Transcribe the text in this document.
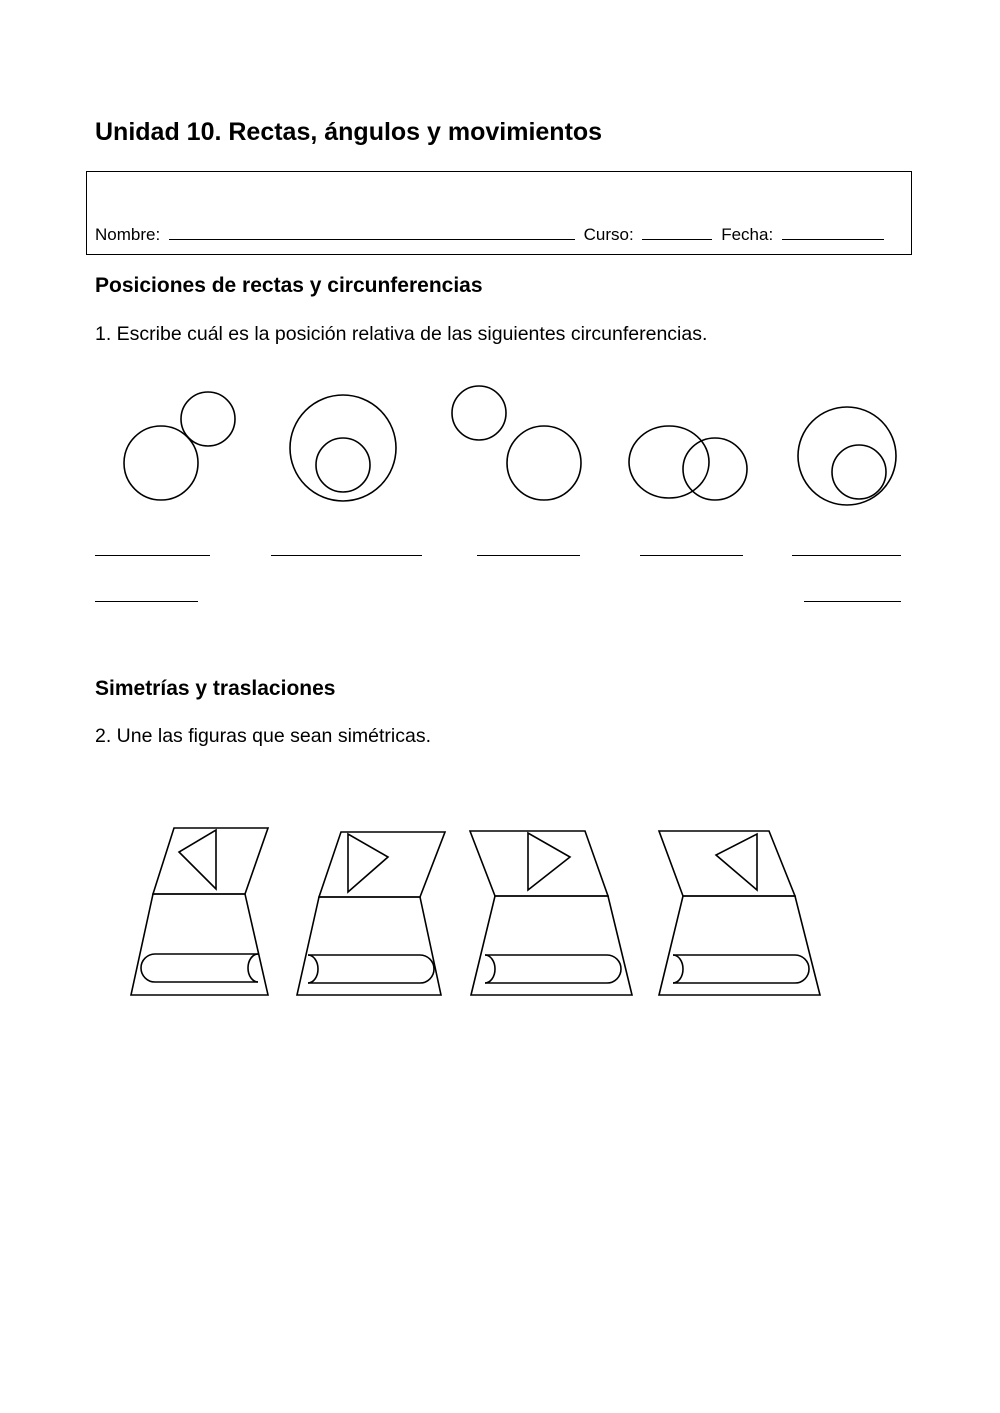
Unidad 10. Rectas, ángulos y movimientos
Nombre:	Curso:	Fecha:
Posiciones de rectas y circunferencias
1. Escribe cuál es la posición relativa de las siguientes circunferencias.
Simetrías y traslaciones
2. Une las figuras que sean simétricas.
